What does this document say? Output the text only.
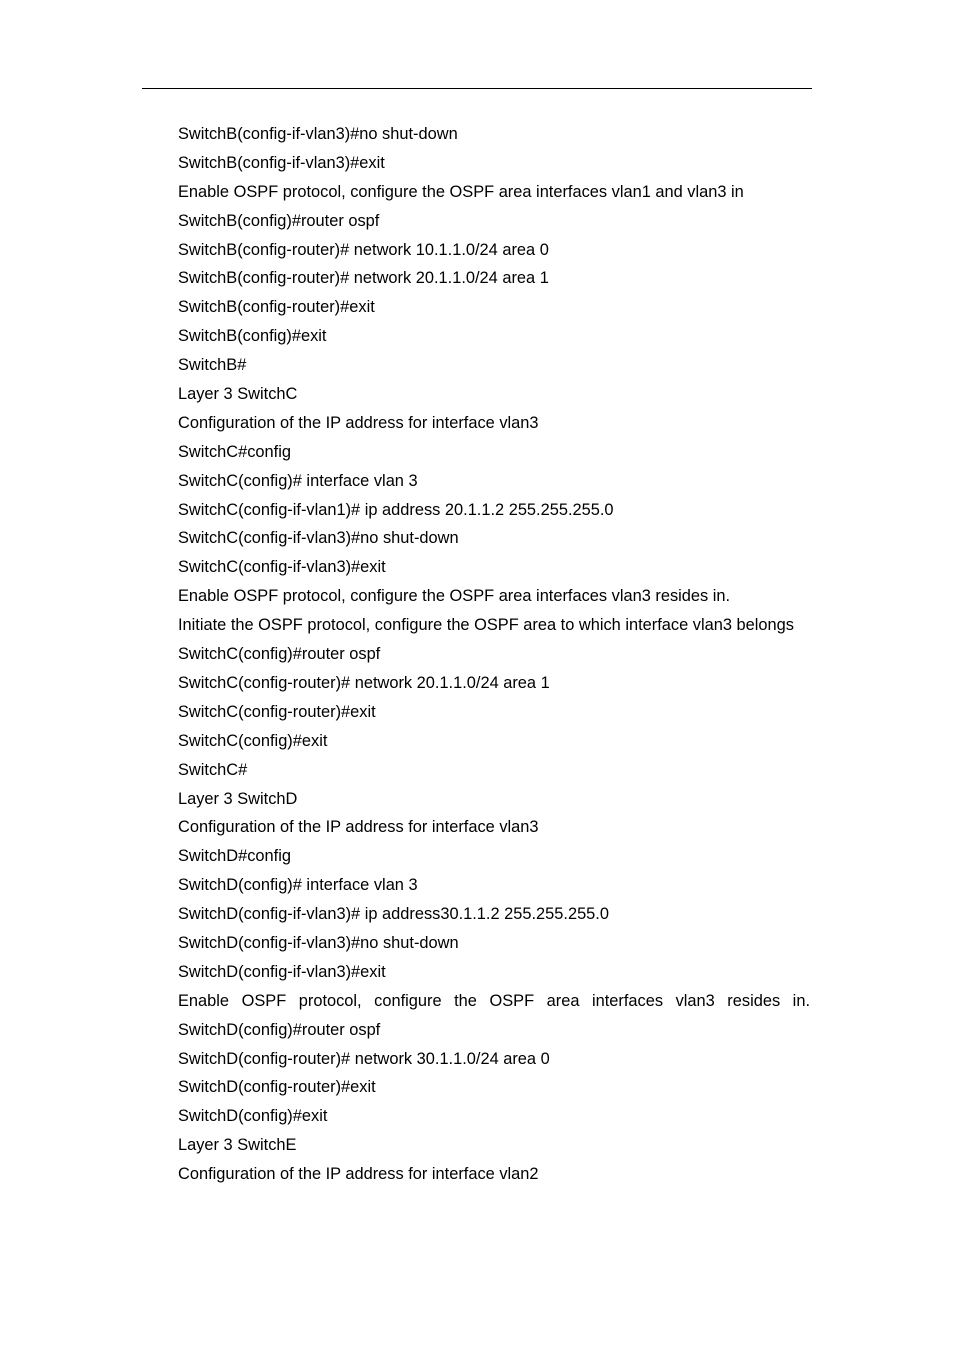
SwitchB(config-if-vlan3)#no shut-down
SwitchB(config-if-vlan3)#exit
Enable OSPF protocol, configure the OSPF area interfaces vlan1 and vlan3 in
SwitchB(config)#router ospf
SwitchB(config-router)# network 10.1.1.0/24 area 0
SwitchB(config-router)# network 20.1.1.0/24 area 1
SwitchB(config-router)#exit
SwitchB(config)#exit
SwitchB#
Layer 3 SwitchC
Configuration of the IP address for interface vlan3
SwitchC#config
SwitchC(config)# interface vlan 3
SwitchC(config-if-vlan1)# ip address 20.1.1.2 255.255.255.0
SwitchC(config-if-vlan3)#no shut-down
SwitchC(config-if-vlan3)#exit
Enable OSPF protocol, configure the OSPF area interfaces vlan3 resides in.
Initiate the OSPF protocol, configure the OSPF area to which interface vlan3 belongs
SwitchC(config)#router ospf
SwitchC(config-router)# network 20.1.1.0/24 area 1
SwitchC(config-router)#exit
SwitchC(config)#exit
SwitchC#
Layer 3 SwitchD
Configuration of the IP address for interface vlan3
SwitchD#config
SwitchD(config)# interface vlan 3
SwitchD(config-if-vlan3)# ip address30.1.1.2 255.255.255.0
SwitchD(config-if-vlan3)#no shut-down
SwitchD(config-if-vlan3)#exit
Enable OSPF protocol, configure the OSPF area interfaces vlan3 resides in.
SwitchD(config)#router ospf
SwitchD(config-router)# network 30.1.1.0/24 area 0
SwitchD(config-router)#exit
SwitchD(config)#exit
Layer 3 SwitchE
Configuration of the IP address for interface vlan2
